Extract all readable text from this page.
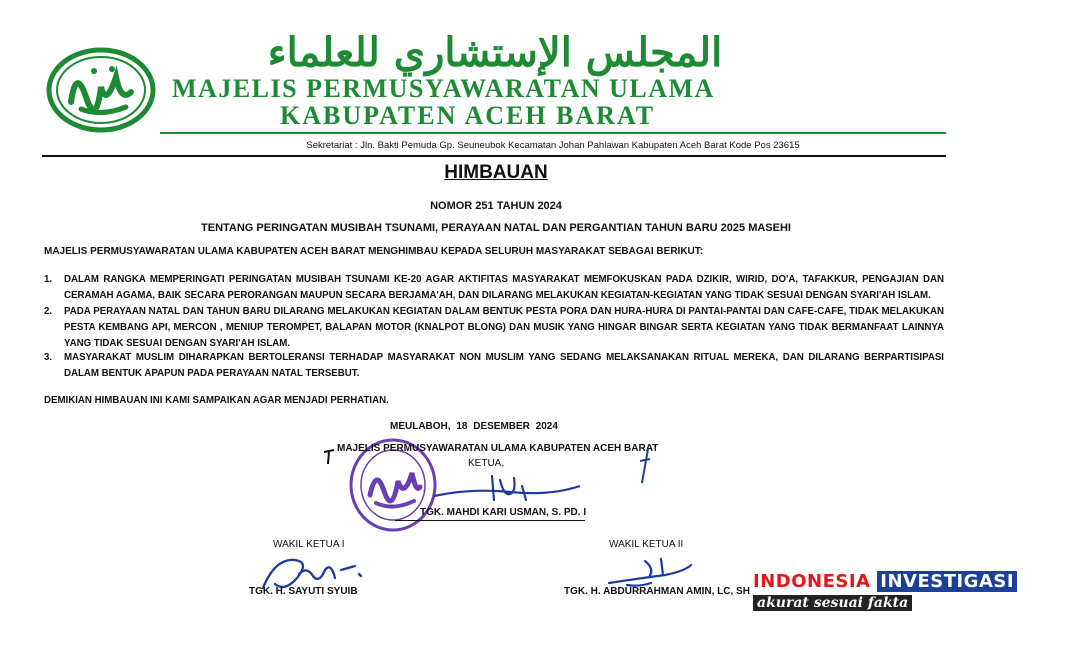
المجلس الإستشاري للعلماء
MAJELIS PERMUSYAWARATAN ULAMA
KABUPATEN ACEH BARAT
Sekretariat : Jln. Bakti Pemuda Gp. Seuneubok Kecamatan Johan Pahlawan Kabupaten Aceh Barat Kode Pos 23615
HIMBAUAN
NOMOR 251 TAHUN 2024
TENTANG PERINGATAN MUSIBAH TSUNAMI, PERAYAAN NATAL DAN PERGANTIAN TAHUN BARU 2025 MASEHI
MAJELIS PERMUSYAWARATAN ULAMA KABUPATEN ACEH BARAT MENGHIMBAU KEPADA SELURUH MASYARAKAT SEBAGAI BERIKUT:
1. DALAM RANGKA MEMPERINGATI PERINGATAN MUSIBAH TSUNAMI KE-20 AGAR AKTIFITAS MASYARAKAT MEMFOKUSKAN PADA DZIKIR, WIRID, DO'A, TAFAKKUR, PENGAJIAN DAN CERAMAH AGAMA, BAIK SECARA PERORANGAN MAUPUN SECARA BERJAMA'AH, DAN DILARANG MELAKUKAN KEGIATAN-KEGIATAN YANG TIDAK SESUAI DENGAN SYARI'AH ISLAM.
2. PADA PERAYAAN NATAL DAN TAHUN BARU DILARANG MELAKUKAN KEGIATAN DALAM BENTUK PESTA PORA DAN HURA-HURA DI PANTAI-PANTAI DAN CAFE-CAFE, TIDAK MELAKUKAN PESTA KEMBANG API, MERCON , MENIUP TEROMPET, BALAPAN MOTOR (KNALPOT BLONG) DAN MUSIK YANG HINGAR BINGAR SERTA KEGIATAN YANG TIDAK BERMANFAAT LAINNYA YANG TIDAK SESUAI DENGAN SYARI'AH ISLAM.
3. MASYARAKAT MUSLIM DIHARAPKAN BERTOLERANSI TERHADAP MASYARAKAT NON MUSLIM YANG SEDANG MELAKSANAKAN RITUAL MEREKA, DAN DILARANG BERPARTISIPASI DALAM BENTUK APAPUN PADA PERAYAAN NATAL TERSEBUT.
DEMIKIAN HIMBAUAN INI KAMI SAMPAIKAN AGAR MENJADI PERHATIAN.
MEULABOH, 18 DESEMBER 2024
MAJELIS PERMUSYAWARATAN ULAMA KABUPATEN ACEH BARAT
KETUA,
TGK. MAHDI KARI USMAN, S. PD. I
WAKIL KETUA I
TGK. H. SAYUTI SYUIB
WAKIL KETUA II
TGK. H. ABDURRAHMAN AMIN, LC, SH INDONESIA INVESTIGASI
akurat sesuai fakta
